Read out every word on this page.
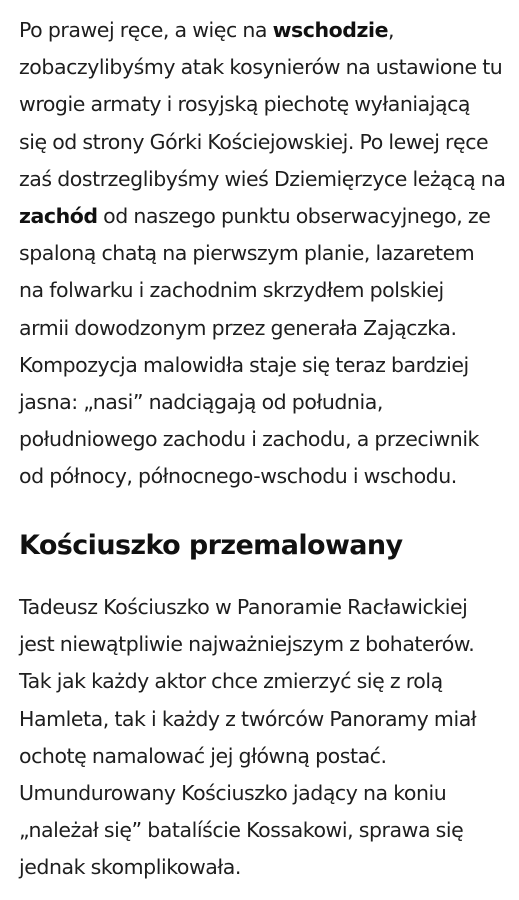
Po prawej ręce, a więc na wschodzie,
zobaczylibyśmy atak kosynierów na ustawione tu
wrogie armaty i rosyjską piechotę wyłaniającą
się od strony Górki Kościejowskiej. Po lewej ręce
zaś dostrzeglibyśmy wieś Dziemięrzyce leżącą na
zachód od naszego punktu obserwacyjnego, ze
spaloną chatą na pierwszym planie, lazaretem
na folwarku i zachodnim skrzydłem polskiej
armii dowodzonym przez generała Zajączka.
Kompozycja malowidła staje się teraz bardziej
jasna: „nasi” nadciągają od południa,
południowego zachodu i zachodu, a przeciwnik
od północy, północnego-wschodu i wschodu.

Kościuszko przemalowany

Tadeusz Kościuszko w Panoramie Racławickiej
jest niewątpliwie najważniejszym z bohaterów.
Tak jak każdy aktor chce zmierzyć się z rolą
Hamleta, tak i każdy z twórców Panoramy miał
ochotę namalować jej główną postać.
Umundurowany Kościuszko jadący na koniu
„należał się” batalíście Kossakowi, sprawa się
jednak skomplikowała.
